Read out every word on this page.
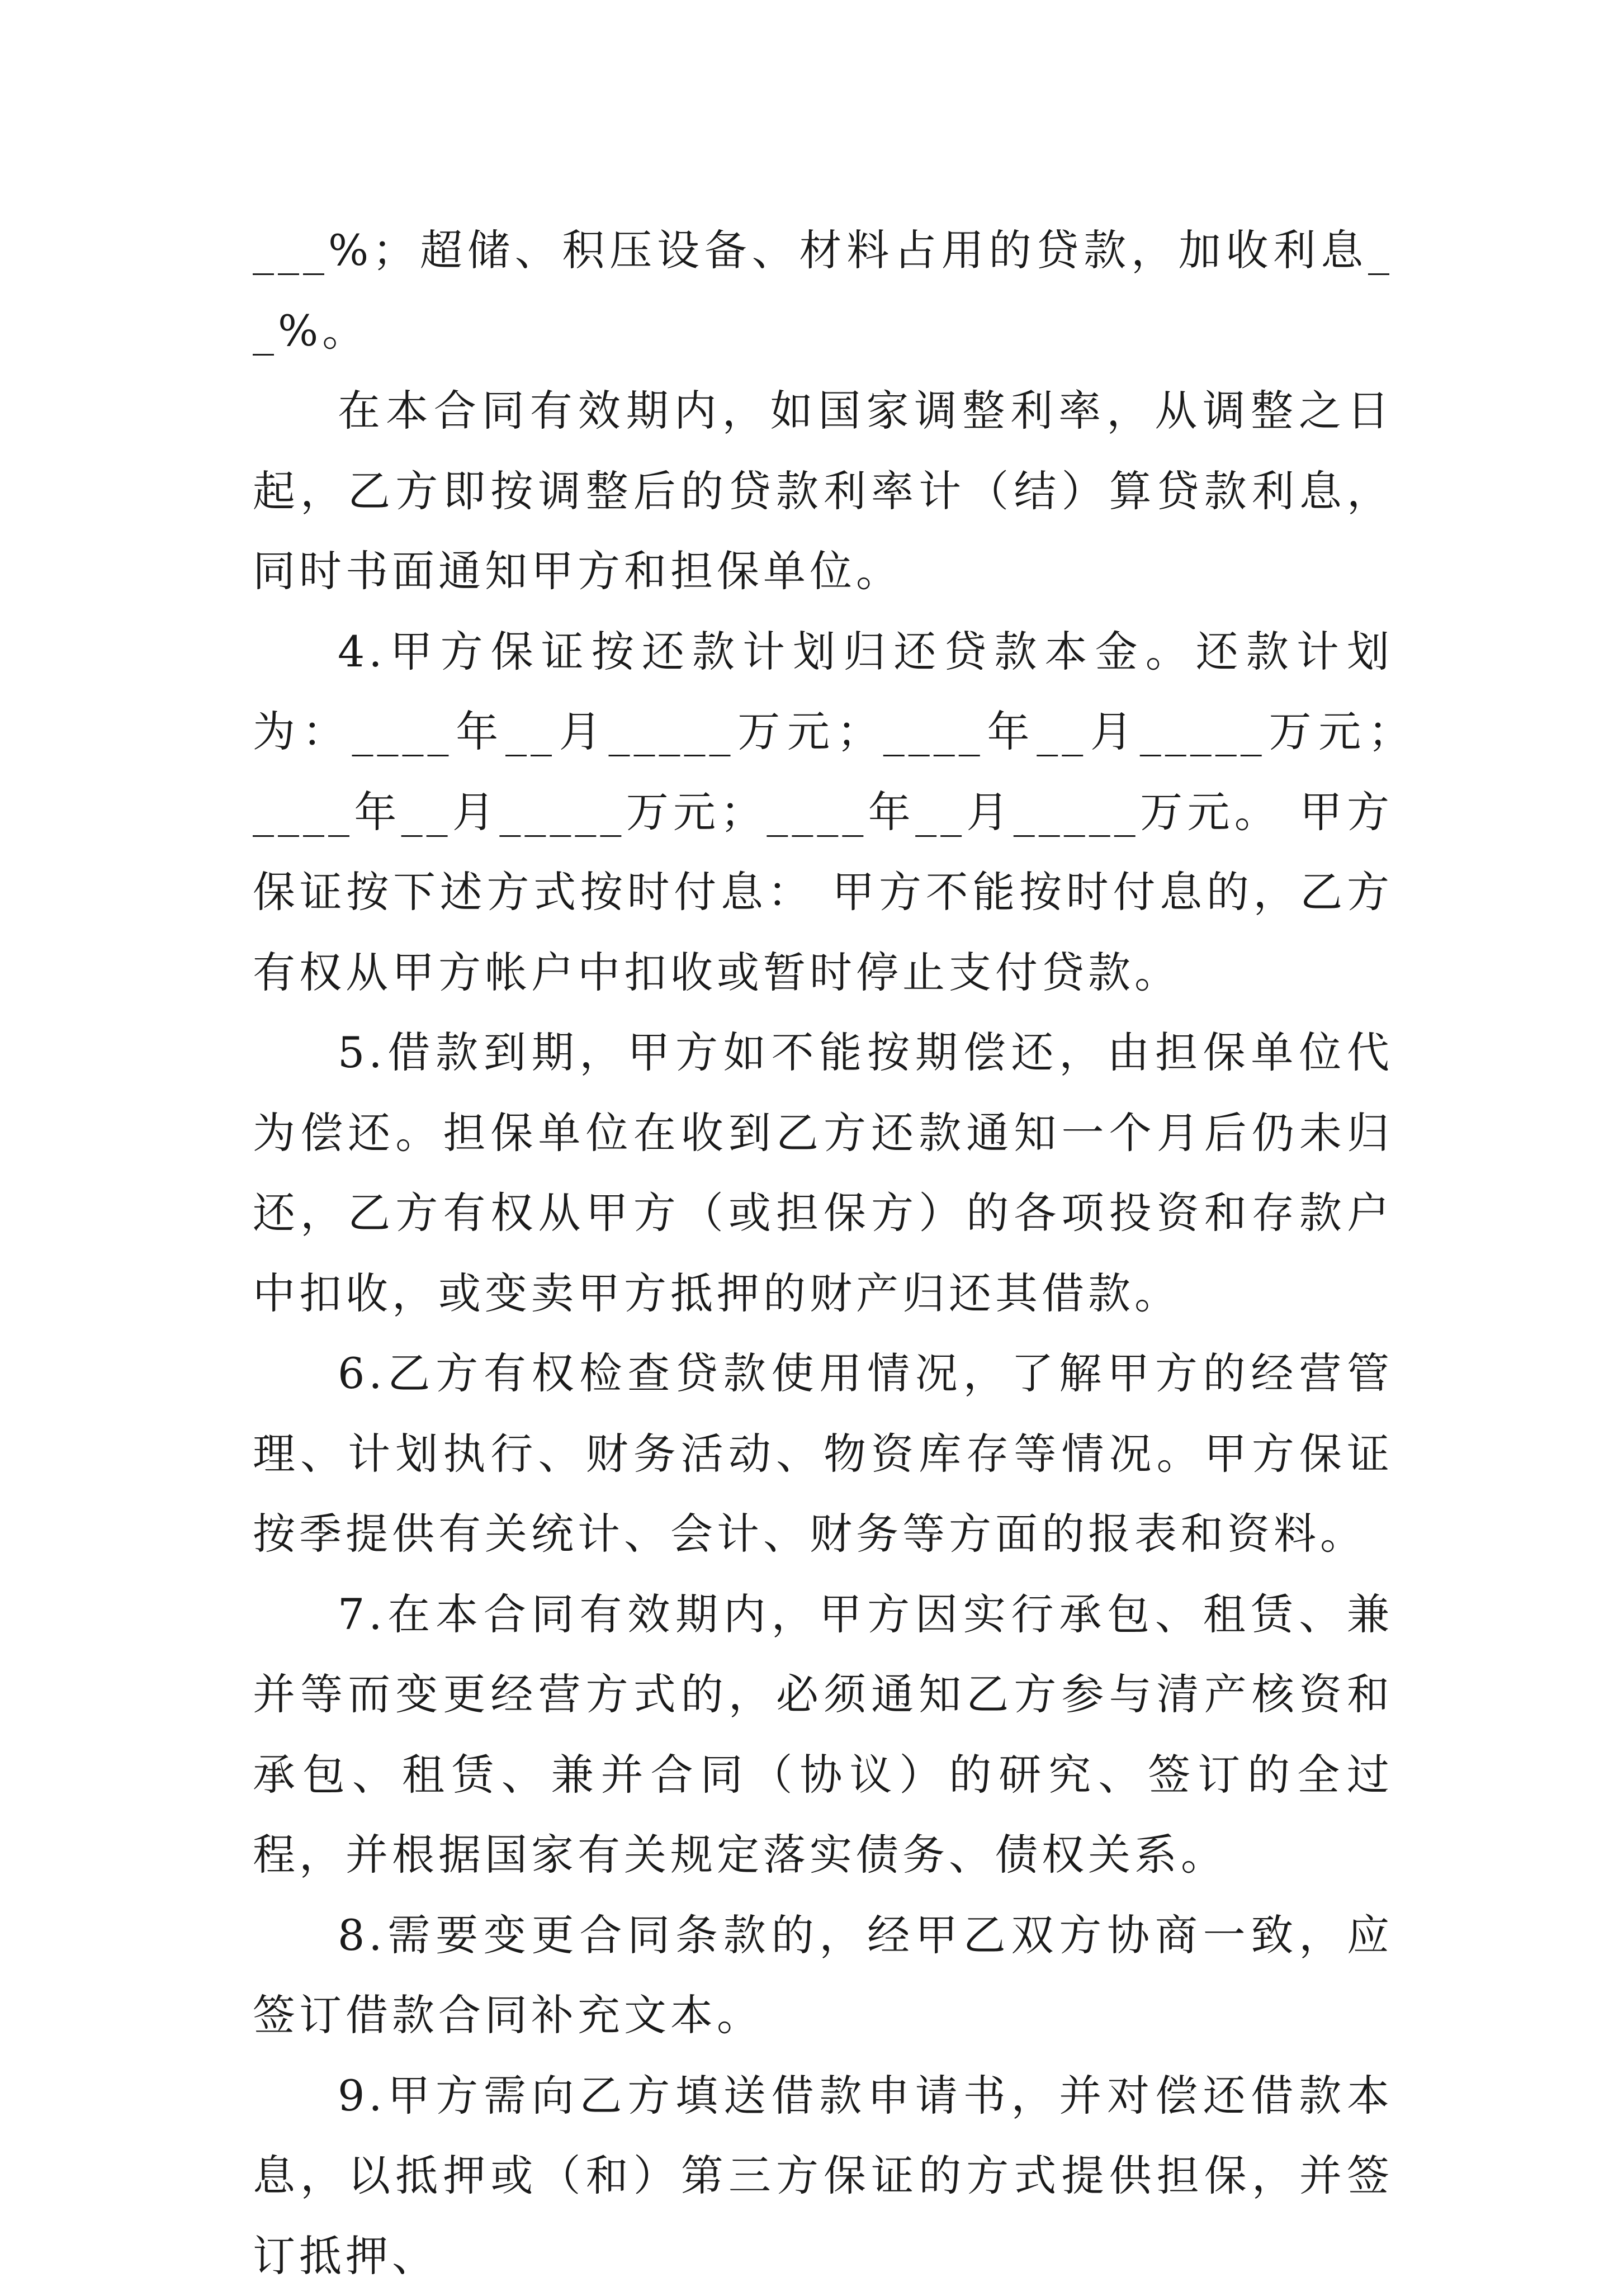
___%；超储、积压设备、材料占用的贷款，加收利息__%。

在本合同有效期内，如国家调整利率，从调整之日起，乙方即按调整后的贷款利率计（结）算贷款利息，同时书面通知甲方和担保单位。

4.甲方保证按还款计划归还贷款本金。还款计划为：____年__月_____万元；____年__月_____万元；　____年__月_____万元；____年__月_____万元。 甲方保证按下述方式按时付息： 甲方不能按时付息的，乙方有权从甲方帐户中扣收或暂时停止支付贷款。

5.借款到期，甲方如不能按期偿还，由担保单位代为偿还。担保单位在收到乙方还款通知一个月后仍未归还，乙方有权从甲方（或担保方）的各项投资和存款户中扣收，或变卖甲方抵押的财产归还其借款。

6.乙方有权检查贷款使用情况，了解甲方的经营管理、计划执行、财务活动、物资库存等情况。甲方保证按季提供有关统计、会计、财务等方面的报表和资料。

7.在本合同有效期内，甲方因实行承包、租赁、兼并等而变更经营方式的，必须通知乙方参与清产核资和承包、租赁、兼并合同（协议）的研究、签订的全过程，并根据国家有关规定落实债务、债权关系。

8.需要变更合同条款的，经甲乙双方协商一致，应签订借款合同补充文本。

9.甲方需向乙方填送借款申请书，并对偿还借款本息，以抵押或（和）第三方保证的方式提供担保，并签订抵押、
